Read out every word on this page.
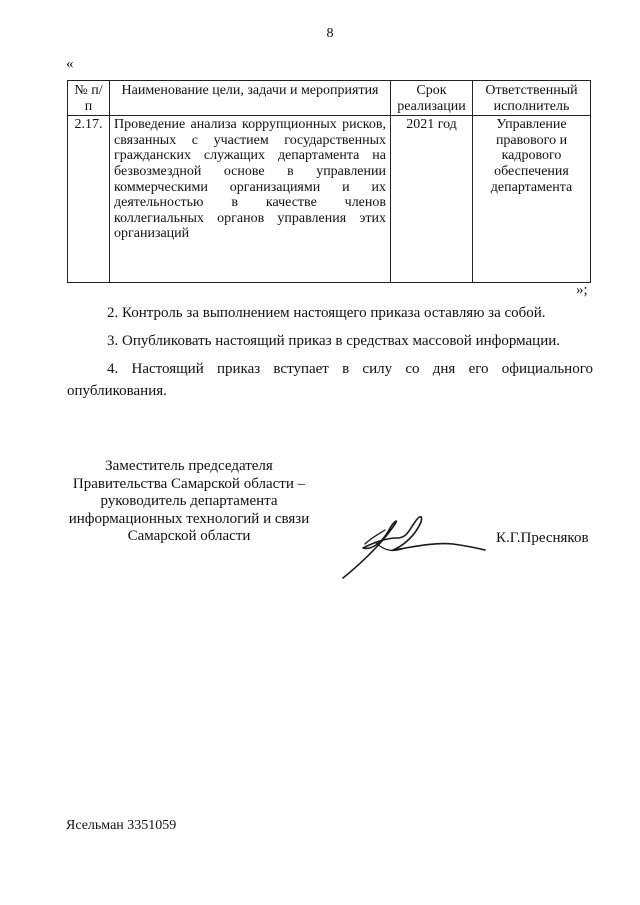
8
«
№ п/п	Наименование цели, задачи и мероприятия	Срок реализации	Ответственный исполнитель
2.17.	Проведение анализа коррупционных рисков, связанных с участием государственных гражданских служащих департамента на безвозмездной основе в управлении коммерческими организациями и их деятельностью в качестве членов коллегиальных органов управления этих организаций	2021 год	Управление правового и кадрового обеспечения департамента
»;
2. Контроль за выполнением настоящего приказа оставляю за собой.
3. Опубликовать настоящий приказ в средствах массовой информации.
4. Настоящий приказ вступает в силу со дня его официального опубликования.
Заместитель председателя
Правительства Самарской области –
руководитель департамента
информационных технологий и связи
Самарской области	К.Г.Пресняков
Ясельман 3351059
